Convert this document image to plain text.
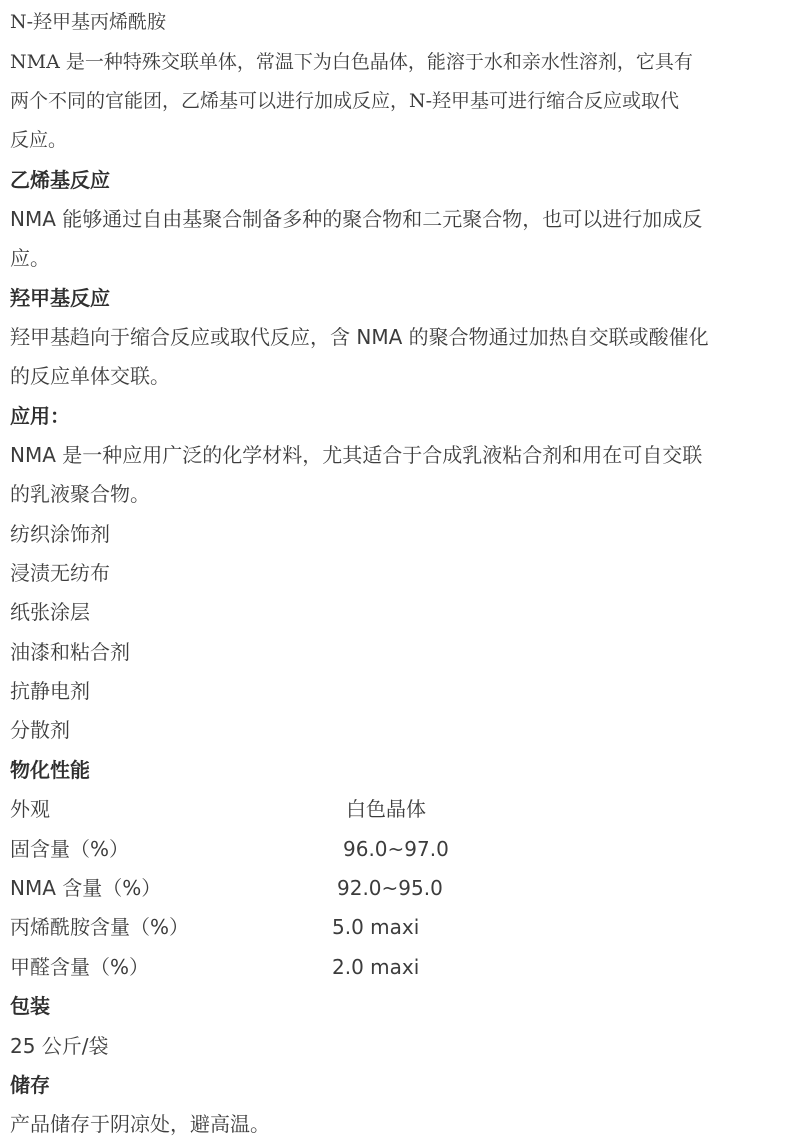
N-羟甲基丙烯酰胺
NMA 是一种特殊交联单体，常温下为白色晶体，能溶于水和亲水性溶剂，它具有
两个不同的官能团，乙烯基可以进行加成反应，N-羟甲基可进行缩合反应或取代
反应。
乙烯基反应
NMA 能够通过自由基聚合制备多种的聚合物和二元聚合物，也可以进行加成反
应。
羟甲基反应
羟甲基趋向于缩合反应或取代反应，含 NMA 的聚合物通过加热自交联或酸催化
的反应单体交联。
应用：
NMA 是一种应用广泛的化学材料，尤其适合于合成乳液粘合剂和用在可自交联
的乳液聚合物。
纺织涂饰剂
浸渍无纺布
纸张涂层
油漆和粘合剂
抗静电剂
分散剂
物化性能
外观	白色晶体
固含量（%）	96.0~97.0
NMA 含量（%）	92.0~95.0
丙烯酰胺含量（%）	5.0 maxi
甲醛含量（%）	2.0 maxi
包装
25 公斤/袋
储存
产品储存于阴凉处，避高温。
